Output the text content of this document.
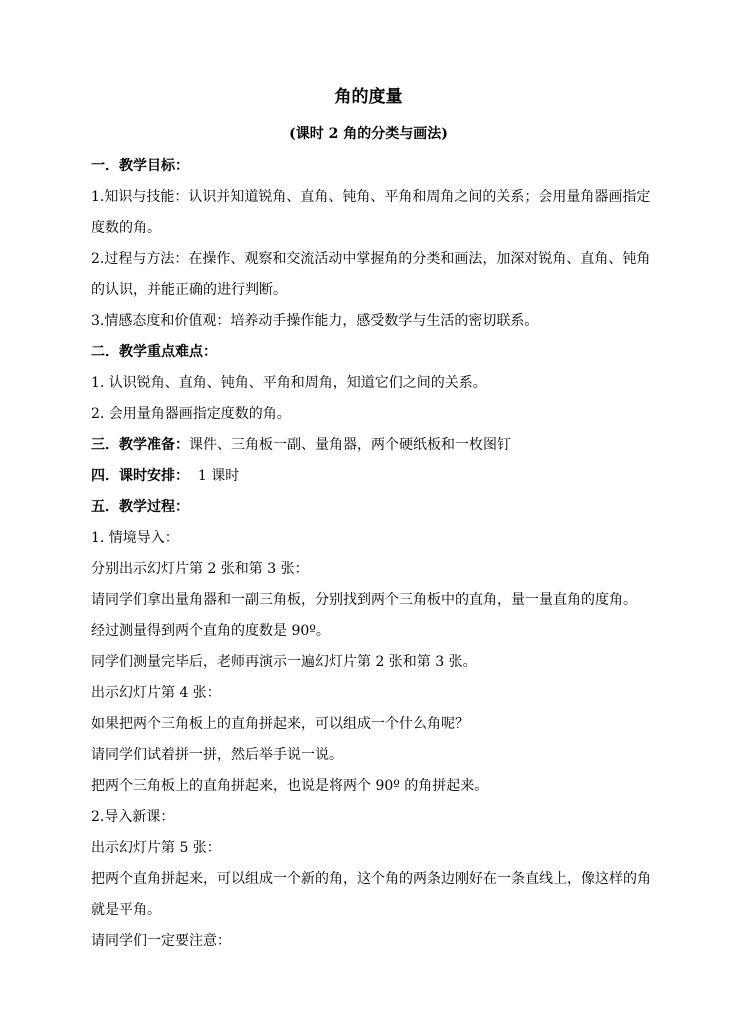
角的度量
(课时 2 角的分类与画法)
一．教学目标：
1.知识与技能：认识并知道锐角、直角、钝角、平角和周角之间的关系；会用量角器画指定
度数的角。
2.过程与方法：在操作、观察和交流活动中掌握角的分类和画法，加深对锐角、直角、钝角
的认识，并能正确的进行判断。
3.情感态度和价值观：培养动手操作能力，感受数学与生活的密切联系。
二．教学重点难点：
1. 认识锐角、直角、钝角、平角和周角，知道它们之间的关系。
2. 会用量角器画指定度数的角。
三．教学准备：课件、三角板一副、量角器，两个硬纸板和一枚图钉
四．课时安排：  1 课时
五．教学过程：
1. 情境导入：
分别出示幻灯片第 2 张和第 3 张：
请同学们拿出量角器和一副三角板，分别找到两个三角板中的直角，量一量直角的度角。
经过测量得到两个直角的度数是 90º。
同学们测量完毕后，老师再演示一遍幻灯片第 2 张和第 3 张。
出示幻灯片第 4 张：
如果把两个三角板上的直角拼起来，可以组成一个什么角呢？
请同学们试着拼一拼，然后举手说一说。
把两个三角板上的直角拼起来，也说是将两个 90º 的角拼起来。
2.导入新课：
出示幻灯片第 5 张：
把两个直角拼起来，可以组成一个新的角，这个角的两条边刚好在一条直线上，像这样的角
就是平角。
请同学们一定要注意：
